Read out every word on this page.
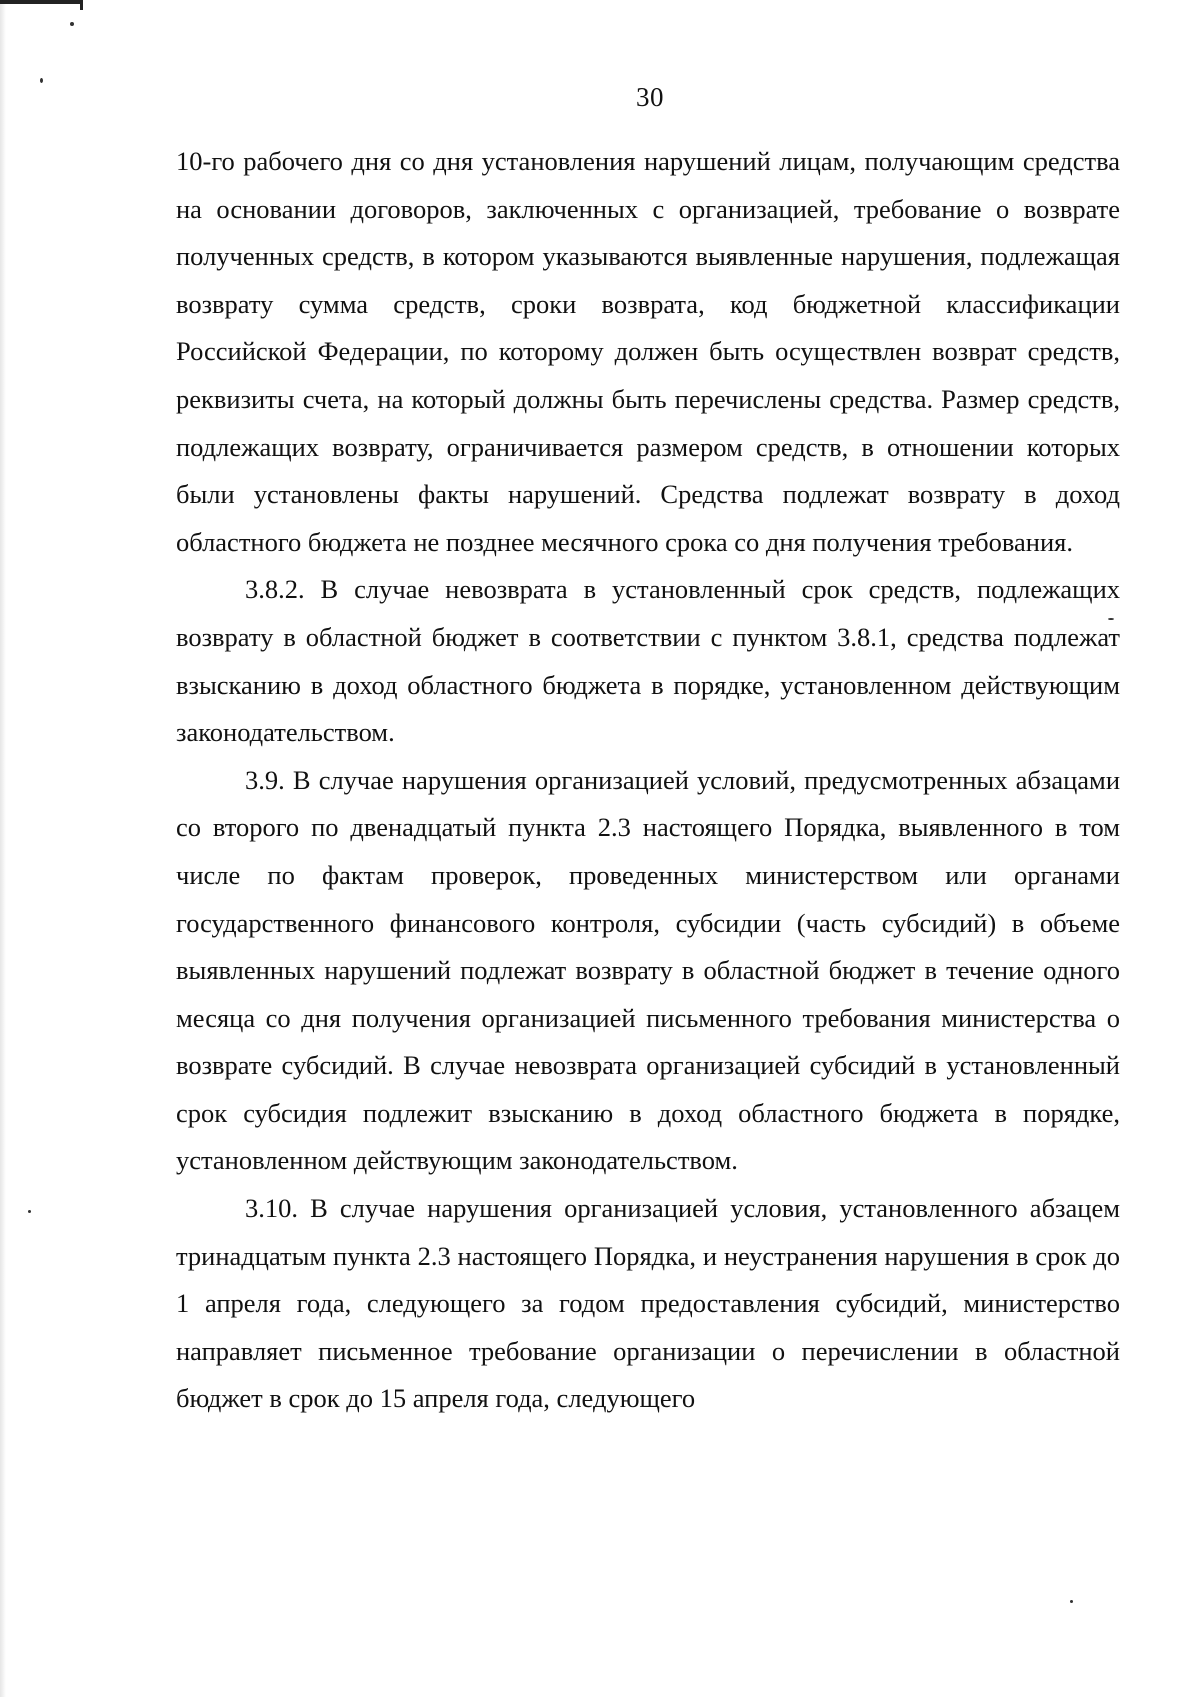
30

10-го рабочего дня со дня установления нарушений лицам, получающим средства на основании договоров, заключенных с организацией, требование о возврате полученных средств, в котором указываются выявленные нарушения, подлежащая возврату сумма средств, сроки возврата, код бюджетной классификации Российской Федерации, по которому должен быть осуществлен возврат средств, реквизиты счета, на который должны быть перечислены средства. Размер средств, подлежащих возврату, ограничивается размером средств, в отношении которых были установлены факты нарушений. Средства подлежат возврату в доход областного бюджета не позднее месячного срока со дня получения требования.

3.8.2. В случае невозврата в установленный срок средств, подлежащих возврату в областной бюджет в соответствии с пунктом 3.8.1, средства подлежат взысканию в доход областного бюджета в порядке, установленном действующим законодательством.

3.9. В случае нарушения организацией условий, предусмотренных абзацами со второго по двенадцатый пункта 2.3 настоящего Порядка, выявленного в том числе по фактам проверок, проведенных министерством или органами государственного финансового контроля, субсидии (часть субсидий) в объеме выявленных нарушений подлежат возврату в областной бюджет в течение одного месяца со дня получения организацией письменного требования министерства о возврате субсидий. В случае невозврата организацией субсидий в установленный срок субсидия подлежит взысканию в доход областного бюджета в порядке, установленном действующим законодательством.

3.10. В случае нарушения организацией условия, установленного абзацем тринадцатым пункта 2.3 настоящего Порядка, и неустранения нарушения в срок до 1 апреля года, следующего за годом предоставления субсидий, министерство направляет письменное требование организации о перечислении в областной бюджет в срок до 15 апреля года, следующего
